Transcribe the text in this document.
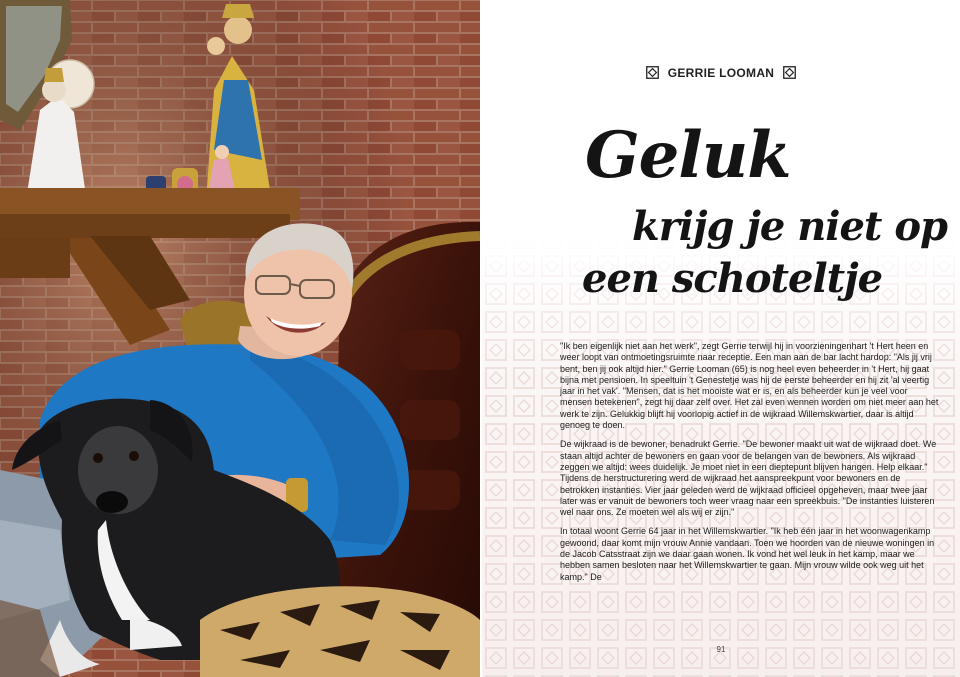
GERRIE LOOMAN
Geluk
krijg je niet op
een schoteltje

"Ik ben eigenlijk niet aan het werk", zegt Gerrie terwijl hij in voorzieningenhart 't Hert heen en weer loopt van ontmoetingsruimte naar receptie. Een man aan de bar lacht hardop: "Als jij vrij bent, ben jij ook altijd hier." Gerrie Looman (65) is nog heel even beheerder in 't Hert, hij gaat bijna met pensioen. In speeltuin 't Genestetje was hij de eerste beheerder en hij zit 'al veertig jaar in het vak'. "Mensen, dat is het mooiste wat er is, en als beheerder kun je veel voor mensen betekenen", zegt hij daar zelf over. Het zal even wennen worden om niet meer aan het werk te zijn. Gelukkig blijft hij voorlopig actief in de wijkraad Willemskwartier, daar is altijd genoeg te doen.

De wijkraad is de bewoner, benadrukt Gerrie. "De bewoner maakt uit wat de wijkraad doet. We staan altijd achter de bewoners en gaan voor de belangen van de bewoners. Als wijkraad zeggen we altijd: wees duidelijk. Je moet niet in een dieptepunt blijven hangen. Help elkaar." Tijdens de herstructurering werd de wijkraad het aanspreekpunt voor bewoners en de betrokken instanties. Vier jaar geleden werd de wijkraad officieel opgeheven, maar twee jaar later was er vanuit de bewoners toch weer vraag naar een spreekbuis. "De instanties luisteren wel naar ons. Ze moeten wel als wij er zijn."

In totaal woont Gerrie 64 jaar in het Willemskwartier. "Ik heb één jaar in het woonwagenkamp gewoond, daar komt mijn vrouw Annie vandaan. Toen we hoorden van de nieuwe woningen in de Jacob Catsstraat zijn we daar gaan wonen. Ik vond het wel leuk in het kamp, maar we hebben samen besloten naar het Willemskwartier te gaan. Mijn vrouw wilde ook weg uit het kamp." De

91
